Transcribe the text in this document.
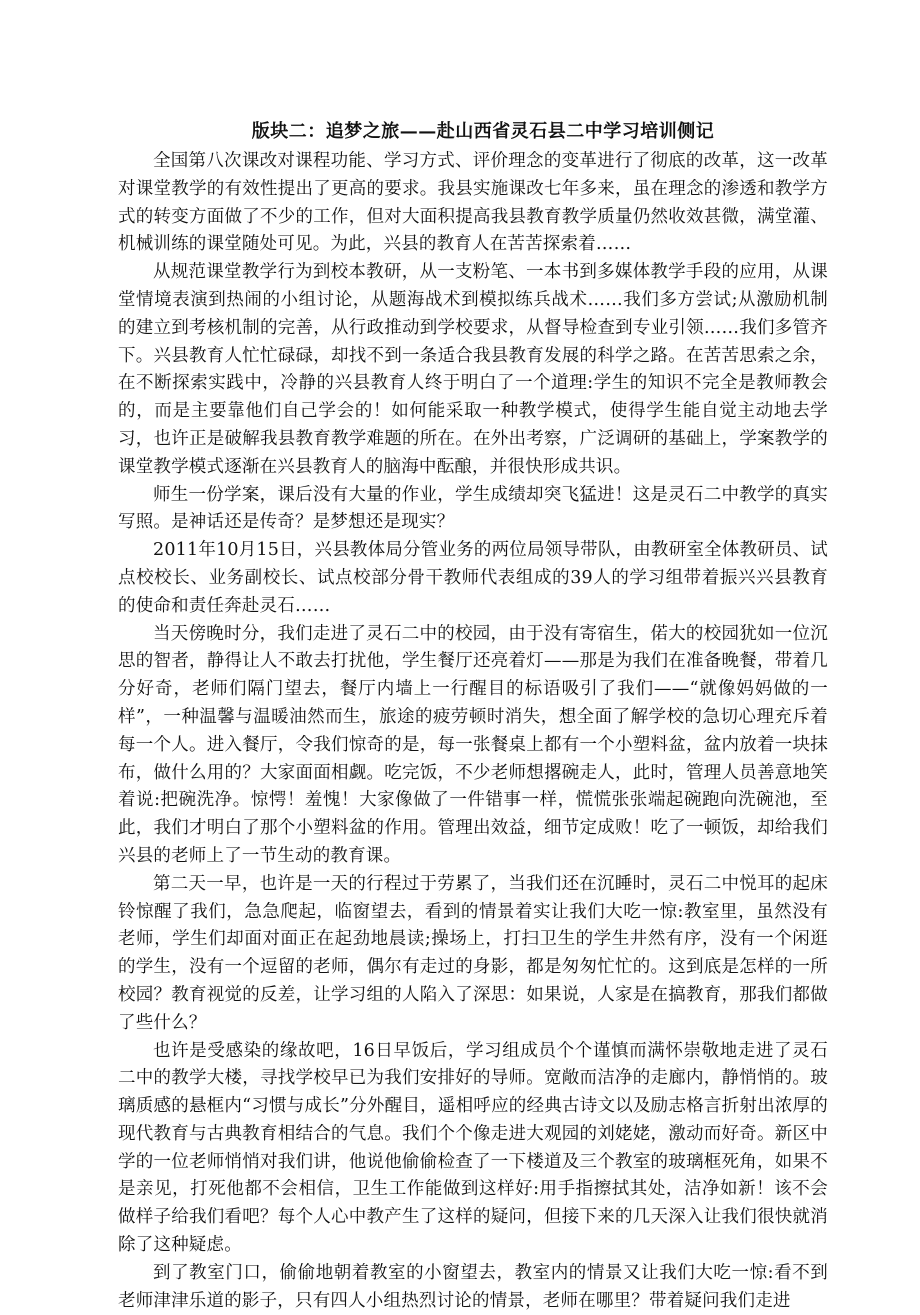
版块二：追梦之旅——赴山西省灵石县二中学习培训侧记

全国第八次课改对课程功能、学习方式、评价理念的变革进行了彻底的改革，这一改革对课堂教学的有效性提出了更高的要求。我县实施课改七年多来，虽在理念的渗透和教学方式的转变方面做了不少的工作，但对大面积提高我县教育教学质量仍然收效甚微，满堂灌、机械训练的课堂随处可见。为此，兴县的教育人在苦苦探索着……

从规范课堂教学行为到校本教研，从一支粉笔、一本书到多媒体教学手段的应用，从课堂情境表演到热闹的小组讨论，从题海战术到模拟练兵战术……我们多方尝试;从激励机制的建立到考核机制的完善，从行政推动到学校要求，从督导检查到专业引领……我们多管齐下。兴县教育人忙忙碌碌，却找不到一条适合我县教育发展的科学之路。在苦苦思索之余，在不断探索实践中，冷静的兴县教育人终于明白了一个道理:学生的知识不完全是教师教会的，而是主要靠他们自己学会的！如何能采取一种教学模式，使得学生能自觉主动地去学习，也许正是破解我县教育教学难题的所在。在外出考察，广泛调研的基础上，学案教学的课堂教学模式逐渐在兴县教育人的脑海中酝酿，并很快形成共识。

师生一份学案，课后没有大量的作业，学生成绩却突飞猛进！这是灵石二中教学的真实写照。是神话还是传奇？是梦想还是现实？

2011年10月15日，兴县教体局分管业务的两位局领导带队，由教研室全体教研员、试点校校长、业务副校长、试点校部分骨干教师代表组成的39人的学习组带着振兴兴县教育的使命和责任奔赴灵石……

当天傍晚时分，我们走进了灵石二中的校园，由于没有寄宿生，偌大的校园犹如一位沉思的智者，静得让人不敢去打扰他，学生餐厅还亮着灯——那是为我们在准备晚餐，带着几分好奇，老师们隔门望去，餐厅内墙上一行醒目的标语吸引了我们——“就像妈妈做的一样”，一种温馨与温暖油然而生，旅途的疲劳顿时消失，想全面了解学校的急切心理充斥着每一个人。进入餐厅，令我们惊奇的是，每一张餐桌上都有一个小塑料盆，盆内放着一块抹布，做什么用的？大家面面相觑。吃完饭，不少老师想撂碗走人，此时，管理人员善意地笑着说:把碗洗净。惊愕！羞愧！大家像做了一件错事一样，慌慌张张端起碗跑向洗碗池，至此，我们才明白了那个小塑料盆的作用。管理出效益，细节定成败！吃了一顿饭，却给我们兴县的老师上了一节生动的教育课。

第二天一早，也许是一天的行程过于劳累了，当我们还在沉睡时，灵石二中悦耳的起床铃惊醒了我们，急急爬起，临窗望去，看到的情景着实让我们大吃一惊:教室里，虽然没有老师，学生们却面对面正在起劲地晨读;操场上，打扫卫生的学生井然有序，没有一个闲逛的学生，没有一个逗留的老师，偶尔有走过的身影，都是匆匆忙忙的。这到底是怎样的一所校园？教育视觉的反差，让学习组的人陷入了深思：如果说，人家是在搞教育，那我们都做了些什么？

也许是受感染的缘故吧，16日早饭后，学习组成员个个谨慎而满怀崇敬地走进了灵石二中的教学大楼，寻找学校早已为我们安排好的导师。宽敞而洁净的走廊内，静悄悄的。玻璃质感的悬框内“习惯与成长”分外醒目，遥相呼应的经典古诗文以及励志格言折射出浓厚的现代教育与古典教育相结合的气息。我们个个像走进大观园的刘姥姥，激动而好奇。新区中学的一位老师悄悄对我们讲，他说他偷偷检查了一下楼道及三个教室的玻璃框死角，如果不是亲见，打死他都不会相信，卫生工作能做到这样好:用手指擦拭其处，洁净如新！该不会做样子给我们看吧？每个人心中教产生了这样的疑问，但接下来的几天深入让我们很快就消除了这种疑虑。

到了教室门口，偷偷地朝着教室的小窗望去，教室内的情景又让我们大吃一惊:看不到老师津津乐道的影子，只有四人小组热烈讨论的情景，老师在哪里？带着疑问我们走进
